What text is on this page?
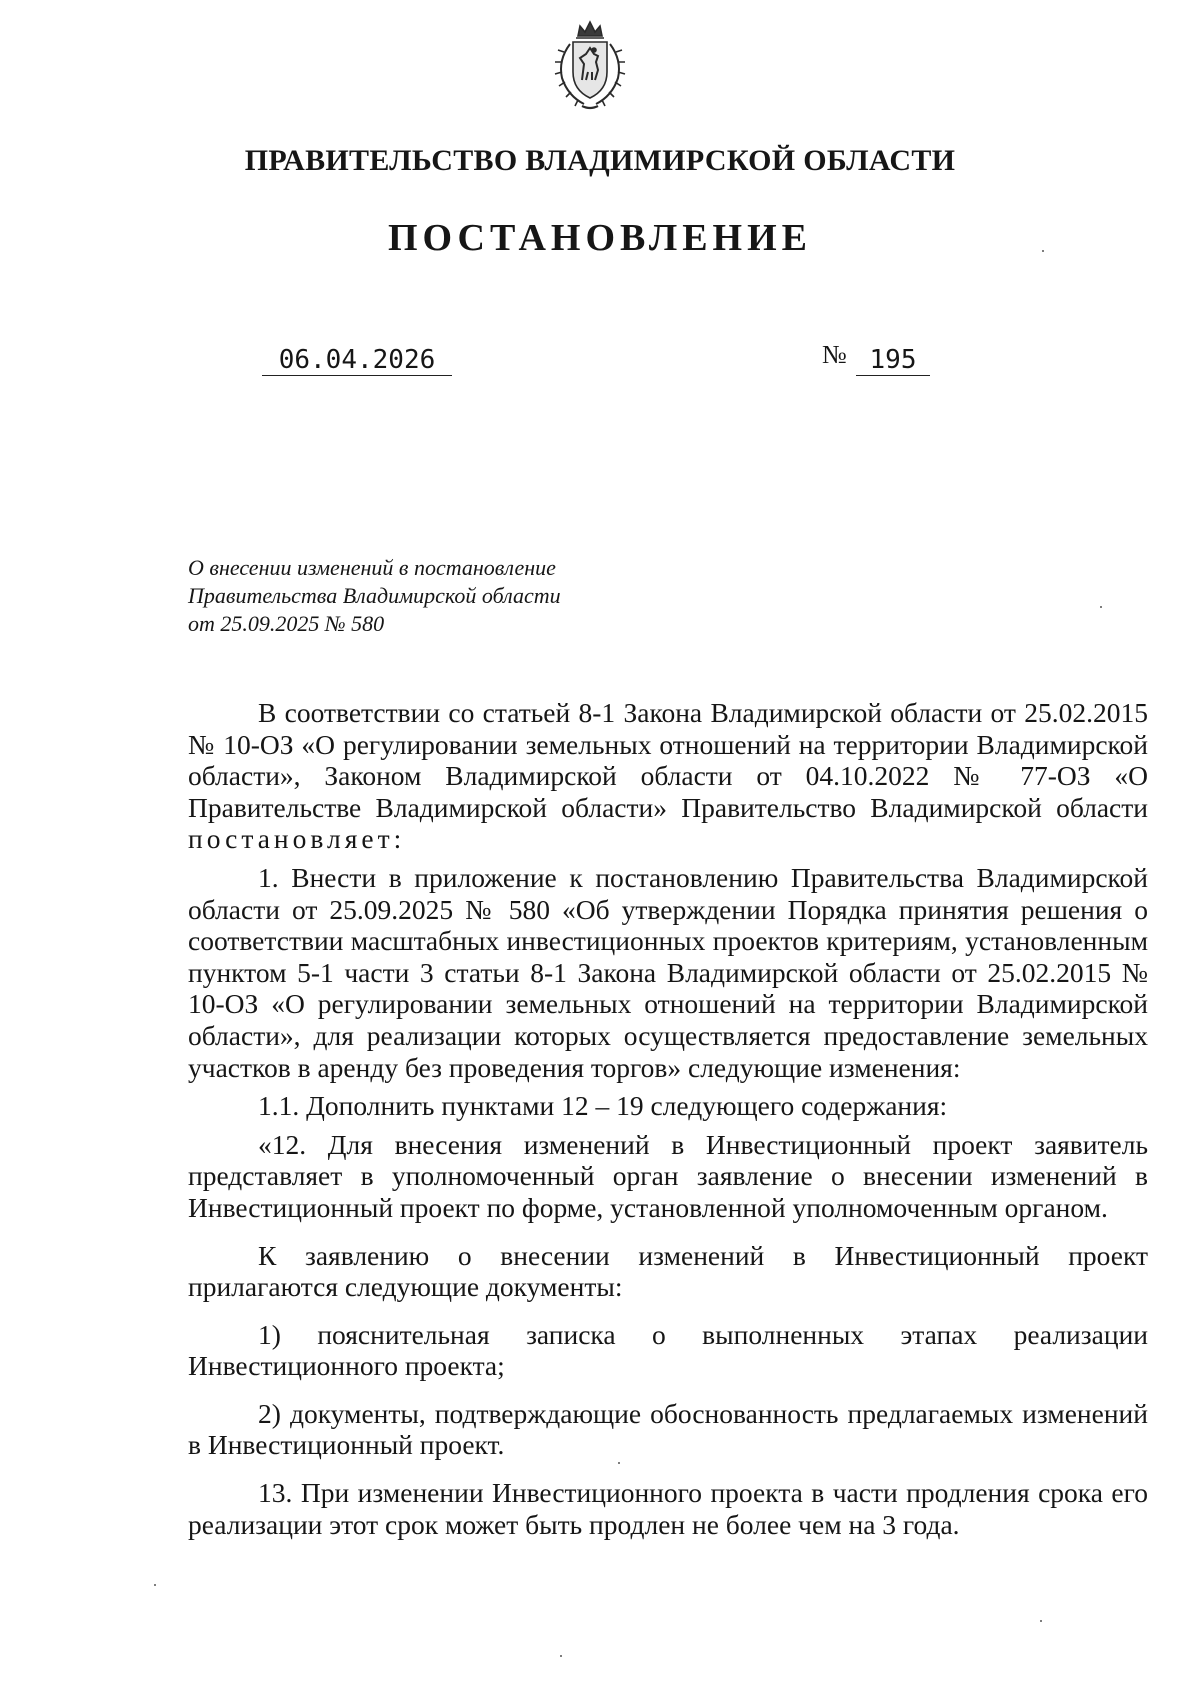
ПРАВИТЕЛЬСТВО ВЛАДИМИРСКОЙ ОБЛАСТИ
ПОСТАНОВЛЕНИЕ
06.04.2026	№ 195
О внесении изменений в постановление
Правительства Владимирской области
от 25.09.2025 № 580

В соответствии со статьей 8-1 Закона Владимирской области от 25.02.2015 № 10-ОЗ «О регулировании земельных отношений на территории Владимирской области», Законом Владимирской области от 04.10.2022 № 77-ОЗ «О Правительстве Владимирской области» Правительство Владимирской области постановляет:

1. Внести в приложение к постановлению Правительства Владимирской области от 25.09.2025 № 580 «Об утверждении Порядка принятия решения о соответствии масштабных инвестиционных проектов критериям, установленным пунктом 5-1 части 3 статьи 8-1 Закона Владимирской области от 25.02.2015 № 10-ОЗ «О регулировании земельных отношений на территории Владимирской области», для реализации которых осуществляется предоставление земельных участков в аренду без проведения торгов» следующие изменения:

1.1. Дополнить пунктами 12 – 19 следующего содержания:

«12. Для внесения изменений в Инвестиционный проект заявитель представляет в уполномоченный орган заявление о внесении изменений в Инвестиционный проект по форме, установленной уполномоченным органом.

К заявлению о внесении изменений в Инвестиционный проект прилагаются следующие документы:

1) пояснительная записка о выполненных этапах реализации Инвестиционного проекта;

2) документы, подтверждающие обоснованность предлагаемых изменений в Инвестиционный проект.

13. При изменении Инвестиционного проекта в части продления срока его реализации этот срок может быть продлен не более чем на 3 года.
